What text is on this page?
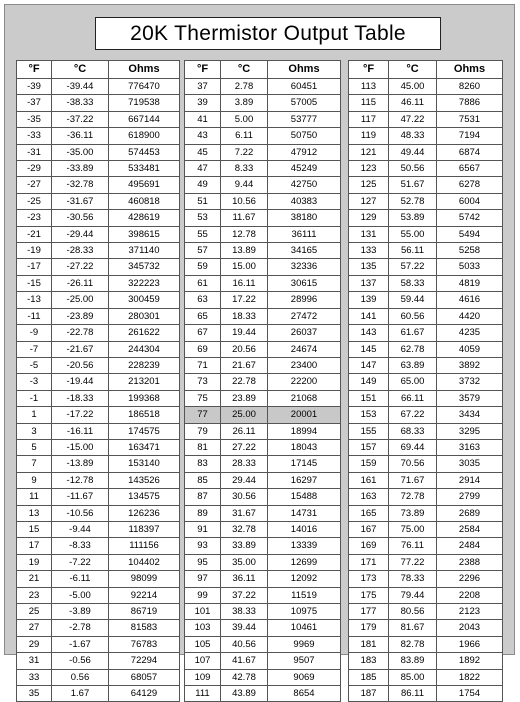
20K Thermistor Output Table
°F	°C	Ohms
-39	-39.44	776470
-37	-38.33	719538
-35	-37.22	667144
-33	-36.11	618900
-31	-35.00	574453
-29	-33.89	533481
-27	-32.78	495691
-25	-31.67	460818
-23	-30.56	428619
-21	-29.44	398615
-19	-28.33	371140
-17	-27.22	345732
-15	-26.11	322223
-13	-25.00	300459
-11	-23.89	280301
-9	-22.78	261622
-7	-21.67	244304
-5	-20.56	228239
-3	-19.44	213201
-1	-18.33	199368
1	-17.22	186518
3	-16.11	174575
5	-15.00	163471
7	-13.89	153140
9	-12.78	143526
11	-11.67	134575
13	-10.56	126236
15	-9.44	118397
17	-8.33	111156
19	-7.22	104402
21	-6.11	98099
23	-5.00	92214
25	-3.89	86719
27	-2.78	81583
29	-1.67	76783
31	-0.56	72294
33	0.56	68057
35	1.67	64129
°F	°C	Ohms
37	2.78	60451
39	3.89	57005
41	5.00	53777
43	6.11	50750
45	7.22	47912
47	8.33	45249
49	9.44	42750
51	10.56	40383
53	11.67	38180
55	12.78	36111
57	13.89	34165
59	15.00	32336
61	16.11	30615
63	17.22	28996
65	18.33	27472
67	19.44	26037
69	20.56	24674
71	21.67	23400
73	22.78	22200
75	23.89	21068
77	25.00	20001
79	26.11	18994
81	27.22	18043
83	28.33	17145
85	29.44	16297
87	30.56	15488
89	31.67	14731
91	32.78	14016
93	33.89	13339
95	35.00	12699
97	36.11	12092
99	37.22	11519
101	38.33	10975
103	39.44	10461
105	40.56	9969
107	41.67	9507
109	42.78	9069
111	43.89	8654
°F	°C	Ohms
113	45.00	8260
115	46.11	7886
117	47.22	7531
119	48.33	7194
121	49.44	6874
123	50.56	6567
125	51.67	6278
127	52.78	6004
129	53.89	5742
131	55.00	5494
133	56.11	5258
135	57.22	5033
137	58.33	4819
139	59.44	4616
141	60.56	4420
143	61.67	4235
145	62.78	4059
147	63.89	3892
149	65.00	3732
151	66.11	3579
153	67.22	3434
155	68.33	3295
157	69.44	3163
159	70.56	3035
161	71.67	2914
163	72.78	2799
165	73.89	2689
167	75.00	2584
169	76.11	2484
171	77.22	2388
173	78.33	2296
175	79.44	2208
177	80.56	2123
179	81.67	2043
181	82.78	1966
183	83.89	1892
185	85.00	1822
187	86.11	1754
